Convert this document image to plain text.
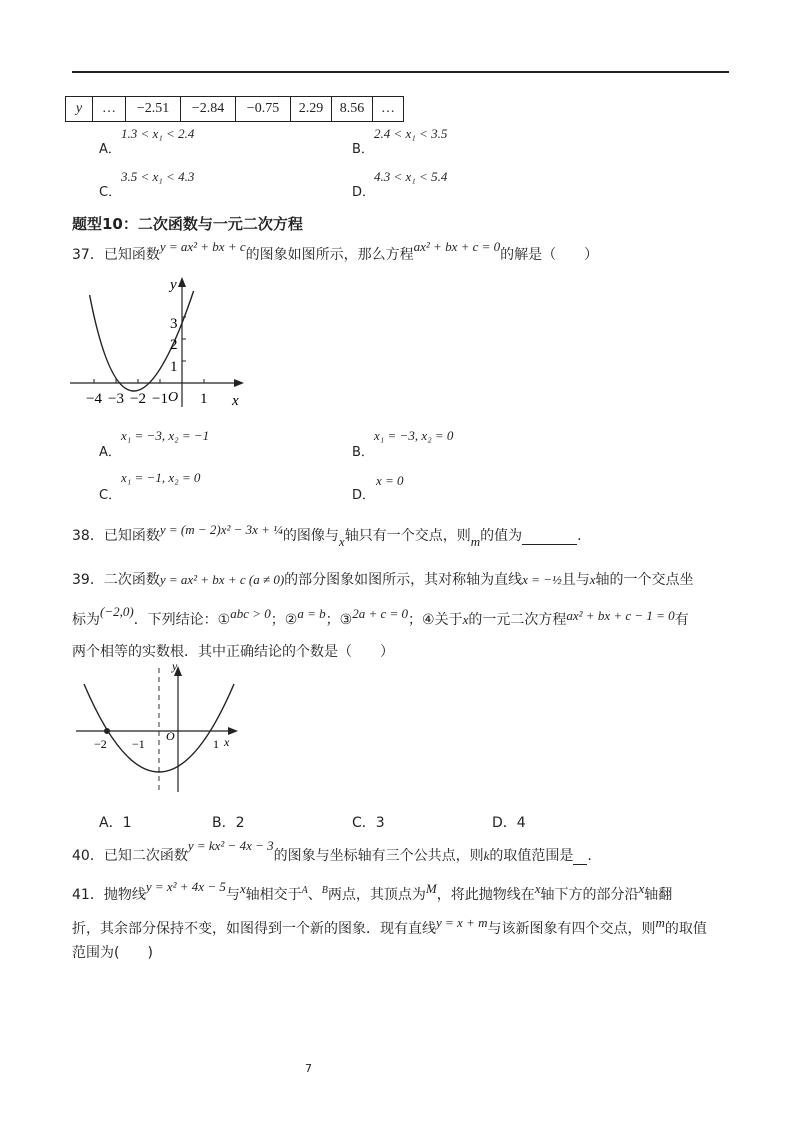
y	…	−2.51	−2.84	−0.75	2.29	8.56	…
A．
1.3 < x₁ < 2.4
B．
2.4 < x₁ < 3.5
C．
3.5 < x₁ < 4.3
D．
4.3 < x₁ < 5.4
题型10：二次函数与一元二次方程
37．已知函数y = ax² + bx + c的图象如图所示，那么方程ax² + bx + c = 0的解是（　　）
−4 −3 −2 −1 1
3
2
1
O	x
y
A．
x₁ = −3, x₂ = −1
B．
x₁ = −3, x₂ = 0
C．
x₁ = −1, x₂ = 0
D．
x = 0
38．已知函数y = (m − 2)x² − 3x + ¼的图像与x轴只有一个交点，则m的值为	.
39．二次函数y = ax² + bx + c (a ≠ 0)的部分图象如图所示，其对称轴为直线x = −½且与x轴的一个交点坐
标为(−2,0)．下列结论：①abc > 0；②a = b；③2a + c = 0；④关于x的一元二次方程ax² + bx + c − 1 = 0有
两个相等的实数根．其中正确结论的个数是（　　）
−2 −1	1
O	x
y
A．1	B．2	C．3	D．4
40．已知二次函数y = kx² − 4x − 3的图象与坐标轴有三个公共点，则k的取值范围是 .
41．抛物线y = x² + 4x − 5与x轴相交于$^A$、$^B$两点，其顶点为M，将此抛物线在x轴下方的部分沿x轴翻
折，其余部分保持不变，如图得到一个新的图象．现有直线y = x + m与该新图象有四个交点，则m的取值
范围为(　　)
7
